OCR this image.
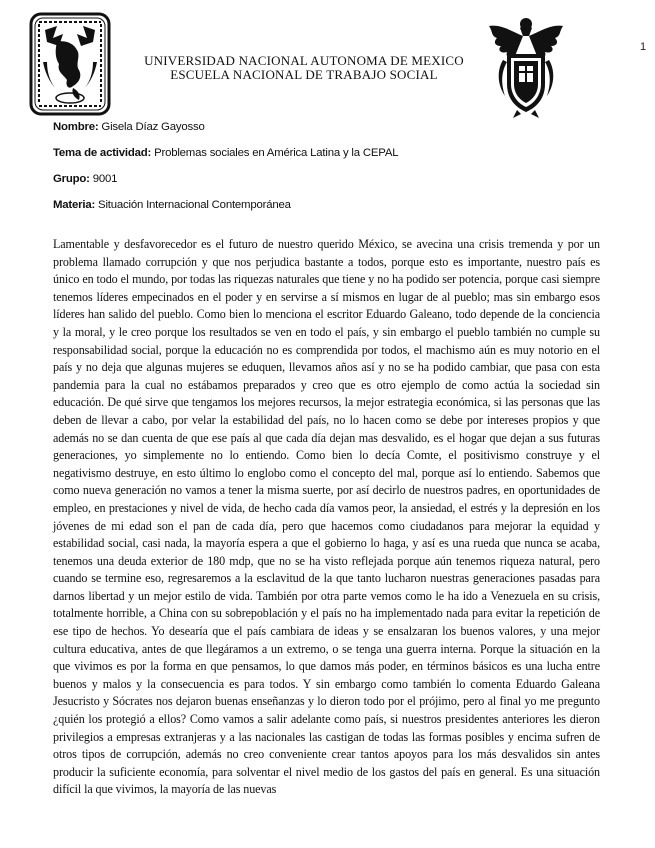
1
UNIVERSIDAD NACIONAL AUTONOMA DE MEXICO
ESCUELA NACIONAL DE TRABAJO SOCIAL
Nombre: Gisela Díaz Gayosso
Tema de actividad: Problemas sociales en América Latina y la CEPAL
Grupo: 9001
Materia: Situación Internacional Contemporánea

Lamentable y desfavorecedor es el futuro de nuestro querido México, se avecina una crisis tremenda y por un problema llamado corrupción y que nos perjudica bastante a todos, porque esto es importante, nuestro país es único en todo el mundo, por todas las riquezas naturales que tiene y no ha podido ser potencia, porque casi siempre tenemos líderes empecinados en el poder y en servirse a sí mismos en lugar de al pueblo; mas sin embargo esos líderes han salido del pueblo. Como bien lo menciona el escritor Eduardo Galeano, todo depende de la conciencia y la moral, y le creo porque los resultados se ven en todo el país, y sin embargo el pueblo también no cumple su responsabilidad social, porque la educación no es comprendida por todos, el machismo aún es muy notorio en el país y no deja que algunas mujeres se eduquen, llevamos años así y no se ha podido cambiar, que pasa con esta pandemia para la cual no estábamos preparados y creo que es otro ejemplo de como actúa la sociedad sin educación. De qué sirve que tengamos los mejores recursos, la mejor estrategia económica, si las personas que las deben de llevar a cabo, por velar la estabilidad del país, no lo hacen como se debe por intereses propios y que además no se dan cuenta de que ese país al que cada día dejan mas desvalido, es el hogar que dejan a sus futuras generaciones, yo simplemente no lo entiendo. Como bien lo decía Comte, el positivismo construye y el negativismo destruye, en esto último lo englobo como el concepto del mal, porque así lo entiendo. Sabemos que como nueva generación no vamos a tener la misma suerte, por así decirlo de nuestros padres, en oportunidades de empleo, en prestaciones y nivel de vida, de hecho cada día vamos peor, la ansiedad, el estrés y la depresión en los jóvenes de mi edad son el pan de cada día, pero que hacemos como ciudadanos para mejorar la equidad y estabilidad social, casi nada, la mayoría espera a que el gobierno lo haga, y así es una rueda que nunca se acaba, tenemos una deuda exterior de 180 mdp, que no se ha visto reflejada porque aún tenemos riqueza natural, pero cuando se termine eso, regresaremos a la esclavitud de la que tanto lucharon nuestras generaciones pasadas para darnos libertad y un mejor estilo de vida. También por otra parte vemos como le ha ido a Venezuela en su crisis, totalmente horrible, a China con su sobrepoblación y el país no ha implementado nada para evitar la repetición de ese tipo de hechos. Yo desearía que el país cambiara de ideas y se ensalzaran los buenos valores, y una mejor cultura educativa, antes de que llegáramos a un extremo, o se tenga una guerra interna. Porque la situación en la que vivimos es por la forma en que pensamos, lo que damos más poder, en términos básicos es una lucha entre buenos y malos y la consecuencia es para todos. Y sin embargo como también lo comenta Eduardo Galeana Jesucristo y Sócrates nos dejaron buenas enseñanzas y lo dieron todo por el prójimo, pero al final yo me pregunto ¿quién los protegió a ellos? Como vamos a salir adelante como país, si nuestros presidentes anteriores les dieron privilegios a empresas extranjeras y a las nacionales las castigan de todas las formas posibles y encima sufren de otros tipos de corrupción, además no creo conveniente crear tantos apoyos para los más desvalidos sin antes producir la suficiente economía, para solventar el nivel medio de los gastos del país en general. Es una situación difícil la que vivimos, la mayoría de las nuevas
